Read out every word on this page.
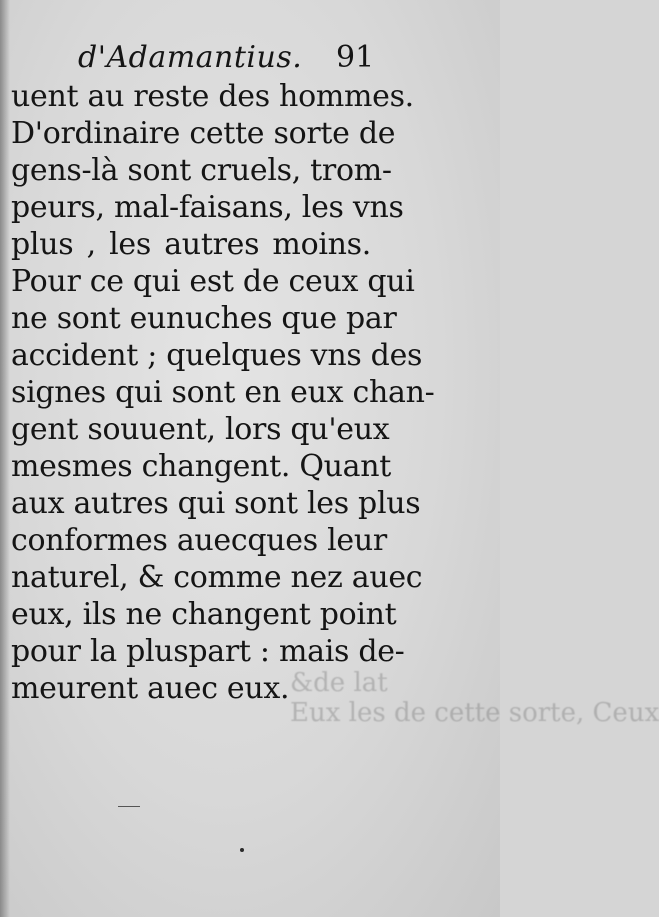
d'Adamantius. 91
uent au reste des hommes.
D'ordinaire cette sorte de
gens-là sont cruels, trom-
peurs, mal-faisans, les vns
plus , les autres moins.
Pour ce qui est de ceux qui
ne sont eunuches que par
accident ; quelques vns des
signes qui sont en eux chan-
gent souuent, lors qu'eux
mesmes changent. Quant
aux autres qui sont les plus
conformes auecques leur
naturel, & comme nez auec
eux, ils ne changent point
pour la pluspart : mais de-
meurent auec eux. &de lat
Eux les de cette sorte, Ceux
